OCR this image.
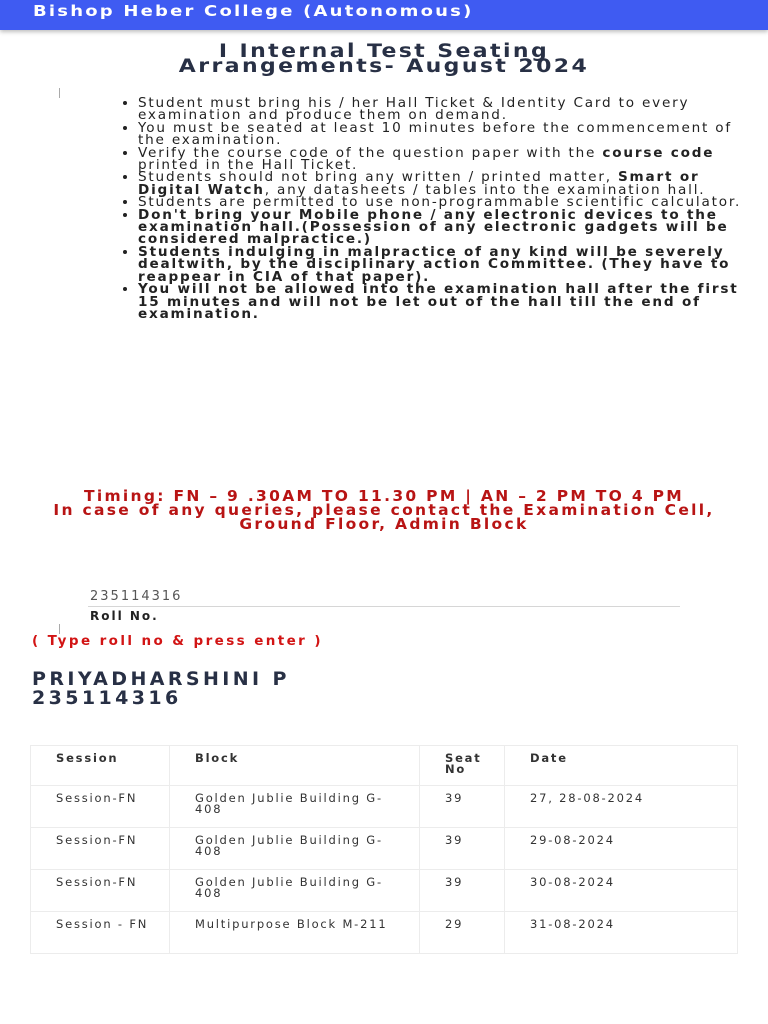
Bishop Heber College (Autonomous)
I Internal Test Seating
Arrangements- August 2024
• Student must bring his / her Hall Ticket & Identity Card to every examination and produce them on demand.
• You must be seated at least 10 minutes before the commencement of the examination.
• Verify the course code of the question paper with the course code printed in the Hall Ticket.
• Students should not bring any written / printed matter, Smart or Digital Watch, any datasheets / tables into the examination hall.
• Students are permitted to use non-programmable scientific calculator.
• Don't bring your Mobile phone / any electronic devices to the examination hall.(Possession of any electronic gadgets will be considered malpractice.)
• Students indulging in malpractice of any kind will be severely dealtwith, by the disciplinary action Committee. (They have to reappear in CIA of that paper).
• You will not be allowed into the examination hall after the first 15 minutes and will not be let out of the hall till the end of examination.
Timing: FN – 9 .30AM TO 11.30 PM | AN – 2 PM TO 4 PM
In case of any queries, please contact the Examination Cell, Ground Floor, Admin Block
235114316
Roll No.
( Type roll no & press enter )
PRIYADHARSHINI P
235114316
Session	Block	Seat No	Date
Session-FN	Golden Jublie Building G-408	39	27, 28-08-2024
Session-FN	Golden Jublie Building G-408	39	29-08-2024
Session-FN	Golden Jublie Building G-408	39	30-08-2024
Session - FN	Multipurpose Block M-211	29	31-08-2024
